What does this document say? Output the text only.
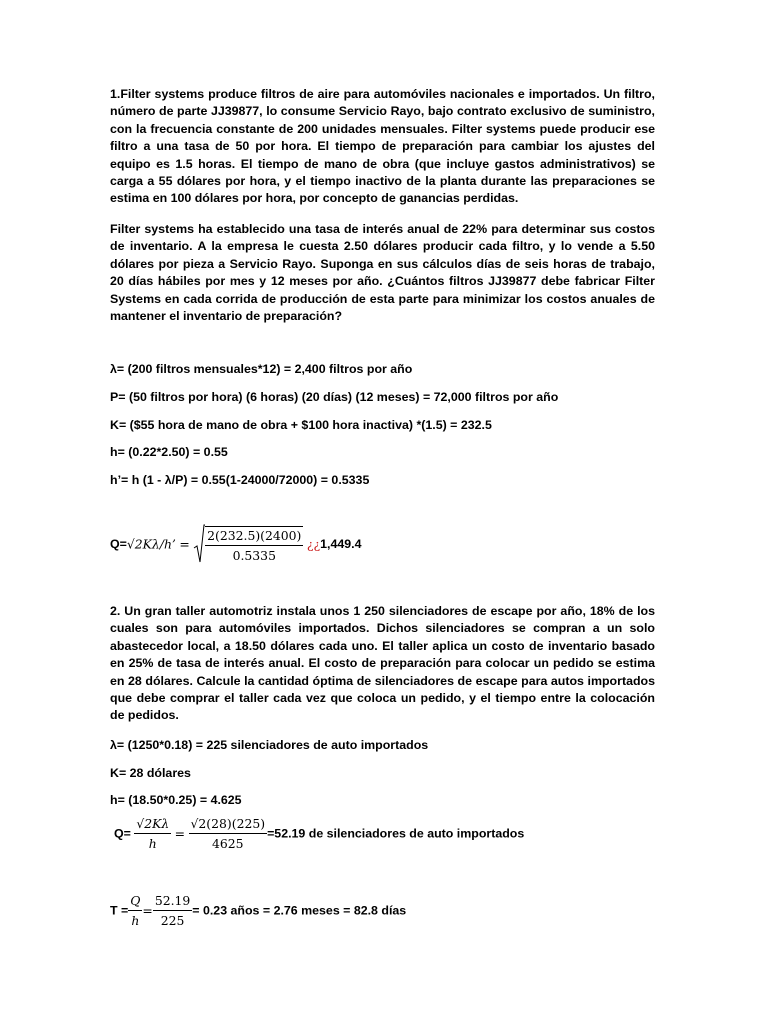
1.Filter systems produce filtros de aire para automóviles nacionales e importados. Un filtro, número de parte JJ39877, lo consume Servicio Rayo, bajo contrato exclusivo de suministro, con la frecuencia constante de 200 unidades mensuales. Filter systems puede producir ese filtro a una tasa de 50 por hora. El tiempo de preparación para cambiar los ajustes del equipo es 1.5 horas. El tiempo de mano de obra (que incluye gastos administrativos) se carga a 55 dólares por hora, y el tiempo inactivo de la planta durante las preparaciones se estima en 100 dólares por hora, por concepto de ganancias perdidas.
Filter systems ha establecido una tasa de interés anual de 22% para determinar sus costos de inventario. A la empresa le cuesta 2.50 dólares producir cada filtro, y lo vende a 5.50 dólares por pieza a Servicio Rayo. Suponga en sus cálculos días de seis horas de trabajo, 20 días hábiles por mes y 12 meses por año. ¿Cuántos filtros JJ39877 debe fabricar Filter Systems en cada corrida de producción de esta parte para minimizar los costos anuales de mantener el inventario de preparación?
λ= (200 filtros mensuales*12) = 2,400 filtros por año
P= (50 filtros por hora) (6 horas) (20 días) (12 meses) = 72,000 filtros por año
K= ($55 hora de mano de obra + $100 hora inactiva) *(1.5) = 232.5
h= (0.22*2.50) = 0.55
h’= h (1 - λ/P) = 0.55(1-24000/72000) = 0.5335
Q=√2Kλ/h’ = $\frac{2(232.5)(2400)}{0.5335}$ ¿¿1,449.4
2. Un gran taller automotriz instala unos 1 250 silenciadores de escape por año, 18% de los cuales son para automóviles importados. Dichos silenciadores se compran a un solo abastecedor local, a 18.50 dólares cada uno. El taller aplica un costo de inventario basado en 25% de tasa de interés anual. El costo de preparación para colocar un pedido se estima en 28 dólares. Calcule la cantidad óptima de silenciadores de escape para autos importados que debe comprar el taller cada vez que coloca un pedido, y el tiempo entre la colocación de pedidos.
λ= (1250*0.18) = 225 silenciadores de auto importados
K= 28 dólares
h= (18.50*0.25) = 4.625
$Q= \frac{√2K\lambda}{h} = \frac{√2(28)(225)}{4625} =52.19$ de silenciadores de auto importados
$T = \frac{Q}{h} = \frac{52.19}{225} = 0.23$ años = 2.76 meses = 82.8 días
